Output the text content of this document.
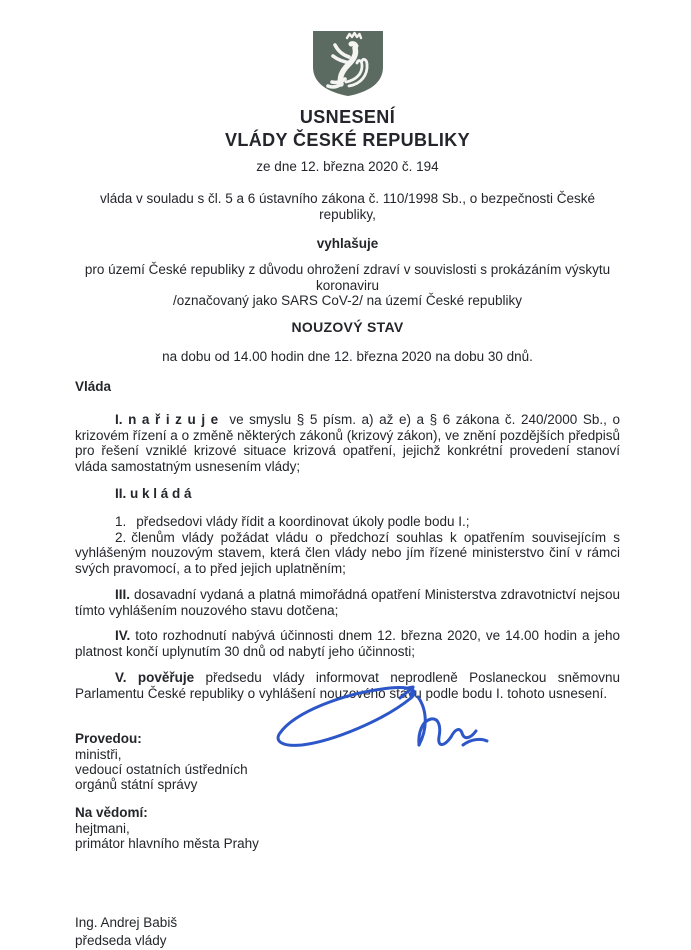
USNESENÍ
VLÁDY ČESKÉ REPUBLIKY
ze dne 12. března 2020 č. 194
vláda v souladu s čl. 5 a 6 ústavního zákona č. 110/1998 Sb., o bezpečnosti České republiky,
vyhlašuje
pro území České republiky z důvodu ohrožení zdraví v souvislosti s prokázáním výskytu koronaviru
/označovaný jako SARS CoV-2/ na území České republiky
NOUZOVÝ STAV
na dobu od 14.00 hodin dne 12. března 2020 na dobu 30 dnů.
Vláda

I. n a ř i z u j e ve smyslu § 5 písm. a) až e) a § 6 zákona č. 240/2000 Sb., o krizovém řízení a o změně některých zákonů (krizový zákon), ve znění pozdějších předpisů pro řešení vzniklé krizové situace krizová opatření, jejichž konkrétní provedení stanoví vláda samostatným usnesením vlády;

II. u k l á d á

1. předsedovi vlády řídit a koordinovat úkoly podle bodu I.;

2. členům vlády požádat vládu o předchozí souhlas k opatřením souvisejícím s vyhlášeným nouzovým stavem, která člen vlády nebo jím řízené ministerstvo činí v rámci svých pravomocí, a to před jejich uplatněním;

III. dosavadní vydaná a platná mimořádná opatření Ministerstva zdravotnictví nejsou tímto vyhlášením nouzového stavu dotčena;

IV. toto rozhodnutí nabývá účinnosti dnem 12. března 2020, ve 14.00 hodin a jeho platnost končí uplynutím 30 dnů od nabytí jeho účinnosti;

V. pověřuje předsedu vlády informovat neprodleně Poslaneckou sněmovnu Parlamentu České republiky o vyhlášení nouzového stavu podle bodu I. tohoto usnesení.

Provedou:
ministři,
vedoucí ostatních ústředních
orgánů státní správy
Na vědomí:
hejtmani,
primátor hlavního města Prahy
Ing. Andrej Babiš
předseda vlády
